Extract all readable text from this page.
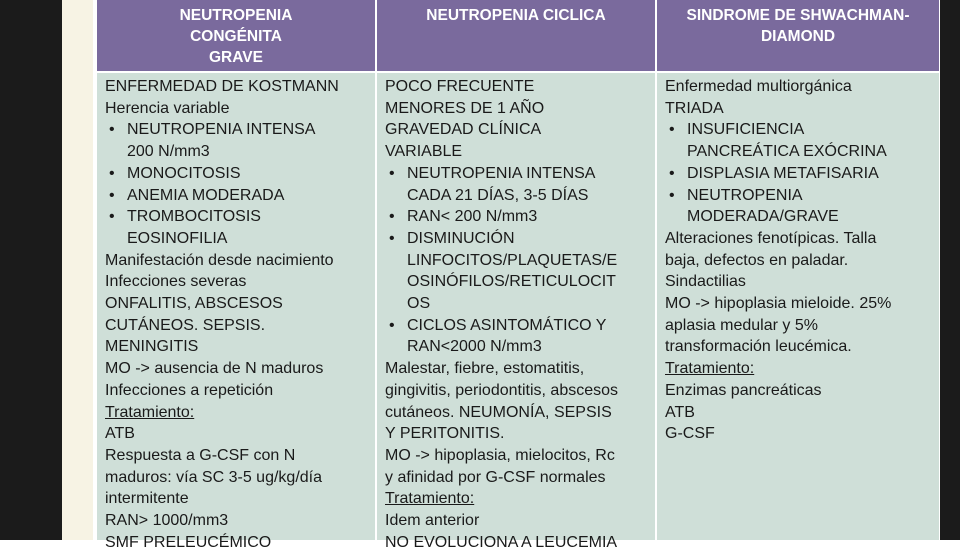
NEUTROPENIA
CONGÉNITA
GRAVE
NEUTROPENIA CICLICA	SINDROME DE SHWACHMAN-
DIAMOND
ENFERMEDAD DE KOSTMANN
Herencia variable
• NEUTROPENIA INTENSA
200 N/mm3
• MONOCITOSIS
• ANEMIA MODERADA
• TROMBOCITOSIS
EOSINOFILIA
Manifestación desde nacimiento
Infecciones severas
ONFALITIS, ABSCESOS
CUTÁNEOS. SEPSIS.
MENINGITIS
MO -> ausencia de N maduros
Infecciones a repetición
Tratamiento:
ATB
Respuesta a G-CSF con N
maduros: vía SC 3-5 ug/kg/día
intermitente
RAN> 1000/mm3
SMF PRELEUCÉMICO
POCO FRECUENTE
MENORES DE 1 AÑO
GRAVEDAD CLÍNICA
VARIABLE
• NEUTROPENIA INTENSA
CADA 21 DÍAS, 3-5 DÍAS
• RAN< 200 N/mm3
• DISMINUCIÓN
LINFOCITOS/PLAQUETAS/E
OSINÓFILOS/RETICULOCIT
OS
• CICLOS ASINTOMÁTICO Y
RAN<2000 N/mm3
Malestar, fiebre, estomatitis,
gingivitis, periodontitis, abscesos
cutáneos. NEUMONÍA, SEPSIS
Y PERITONITIS.
MO -> hipoplasia, mielocitos, Rc
y afinidad por G-CSF normales
Tratamiento:
Idem anterior
NO EVOLUCIONA A LEUCEMIA
Enfermedad multiorgánica
TRIADA
• INSUFICIENCIA
PANCREÁTICA EXÓCRINA
• DISPLASIA METAFISARIA
• NEUTROPENIA
MODERADA/GRAVE
Alteraciones fenotípicas. Talla
baja, defectos en paladar.
Sindactilias
MO -> hipoplasia mieloide. 25%
aplasia medular y 5%
transformación leucémica.
Tratamiento:
Enzimas pancreáticas
ATB
G-CSF
